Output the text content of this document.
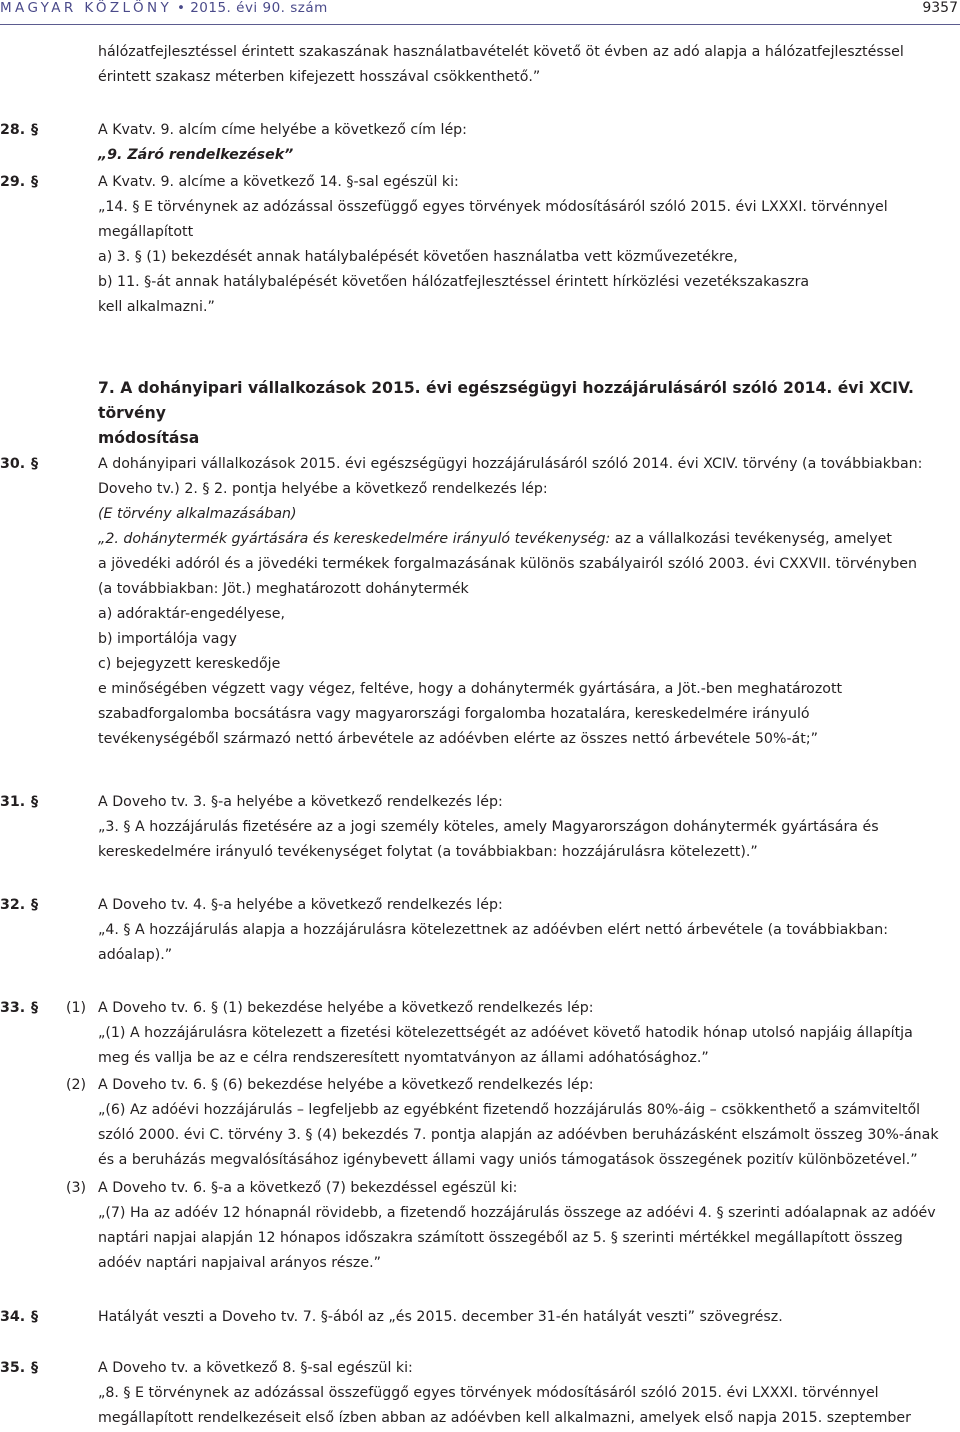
MAGYAR KÖZLÖNY • 2015. évi 90. szám	9357

hálózatfejlesztéssel érintett szakaszának használatbavételét követő öt évben az adó alapja a hálózatfejlesztéssel

érintett szakasz méterben kifejezett hosszával csökkenthető.”

28. §	A Kvatv. 9. alcím címe helyébe a következő cím lép:

„9. Záró rendelkezések”

29. §	A Kvatv. 9. alcíme a következő 14. §-sal egészül ki:

„14. § E törvénynek az adózással összefüggő egyes törvények módosításáról szóló 2015. évi LXXXI. törvénnyel

megállapított

a) 3. § (1) bekezdését annak hatálybalépését követően használatba vett közművezetékre,

b) 11. §-át annak hatálybalépését követően hálózatfejlesztéssel érintett hírközlési vezetékszakaszra

kell alkalmazni.”

7. A dohányipari vállalkozások 2015. évi egészségügyi hozzájárulásáról szóló 2014. évi XCIV. törvény

módosítása

30. §	A dohányipari vállalkozások 2015. évi egészségügyi hozzájárulásáról szóló 2014. évi XCIV. törvény (a továbbiakban:

Doveho tv.) 2. § 2. pontja helyébe a következő rendelkezés lép:

(E törvény alkalmazásában)

„2. dohánytermék gyártására és kereskedelmére irányuló tevékenység: az a vállalkozási tevékenység, amelyet

a jövedéki adóról és a jövedéki termékek forgalmazásának különös szabályairól szóló 2003. évi CXXVII. törvényben

(a továbbiakban: Jöt.) meghatározott dohánytermék

a) adóraktár-engedélyese,

b) importálója vagy

c) bejegyzett kereskedője

e minőségében végzett vagy végez, feltéve, hogy a dohánytermék gyártására, a Jöt.-ben meghatározott

szabadforgalomba bocsátásra vagy magyarországi forgalomba hozatalára, kereskedelmére irányuló

tevékenységéből származó nettó árbevétele az adóévben elérte az összes nettó árbevétele 50%-át;”

31. §	A Doveho tv. 3. §-a helyébe a következő rendelkezés lép:

„3. § A hozzájárulás fizetésére az a jogi személy köteles, amely Magyarországon dohánytermék gyártására és

kereskedelmére irányuló tevékenységet folytat (a továbbiakban: hozzájárulásra kötelezett).”

32. §	A Doveho tv. 4. §-a helyébe a következő rendelkezés lép:

„4. § A hozzájárulás alapja a hozzájárulásra kötelezettnek az adóévben elért nettó árbevétele (a továbbiakban:

adóalap).”

33. § (1) A Doveho tv. 6. § (1) bekezdése helyébe a következő rendelkezés lép:

„(1) A hozzájárulásra kötelezett a fizetési kötelezettségét az adóévet követő hatodik hónap utolsó napjáig állapítja

meg és vallja be az e célra rendszeresített nyomtatványon az állami adóhatósághoz.”

(2) A Doveho tv. 6. § (6) bekezdése helyébe a következő rendelkezés lép:

„(6) Az adóévi hozzájárulás – legfeljebb az egyébként fizetendő hozzájárulás 80%-áig – csökkenthető a számviteltől

szóló 2000. évi C. törvény 3. § (4) bekezdés 7. pontja alapján az adóévben beruházásként elszámolt összeg 30%-ának

és a beruházás megvalósításához igénybevett állami vagy uniós támogatások összegének pozitív különbözetével.”

(3) A Doveho tv. 6. §-a a következő (7) bekezdéssel egészül ki:

„(7) Ha az adóév 12 hónapnál rövidebb, a fizetendő hozzájárulás összege az adóévi 4. § szerinti adóalapnak az adóév

naptári napjai alapján 12 hónapos időszakra számított összegéből az 5. § szerinti mértékkel megállapított összeg

adóév naptári napjaival arányos része.”

34. §	Hatályát veszti a Doveho tv. 7. §-ából az „és 2015. december 31-én hatályát veszti” szövegrész.

35. §	A Doveho tv. a következő 8. §-sal egészül ki:

„8. § E törvénynek az adózással összefüggő egyes törvények módosításáról szóló 2015. évi LXXXI. törvénnyel

megállapított rendelkezéseit első ízben abban az adóévben kell alkalmazni, amelyek első napja 2015. szeptember
